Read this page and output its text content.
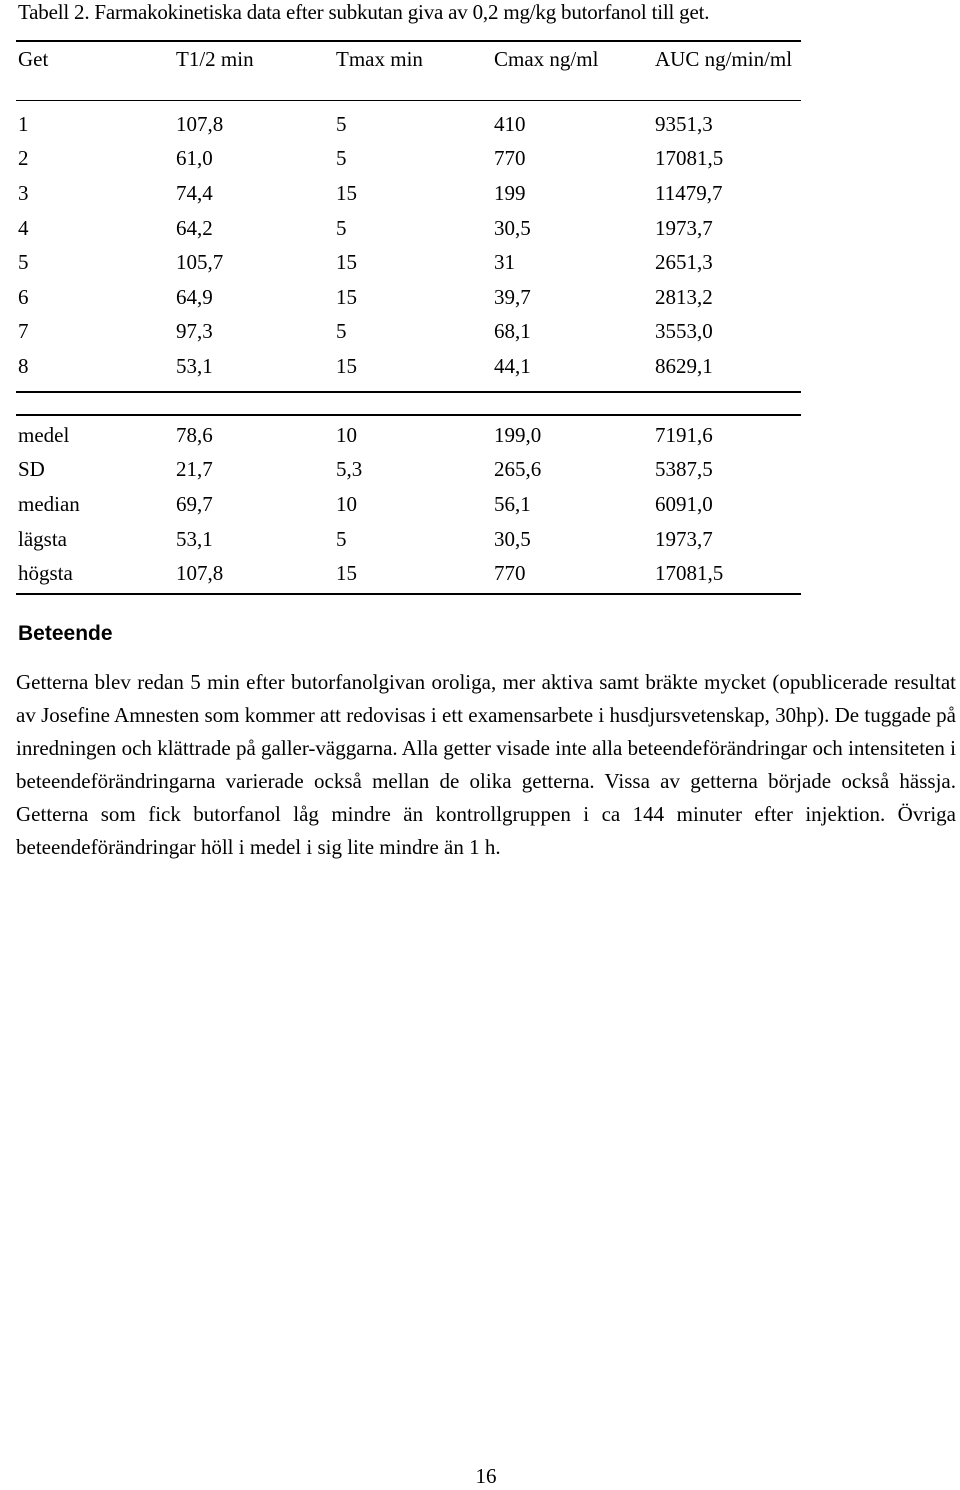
Tabell 2. Farmakokinetiska data efter subkutan giva av 0,2 mg/kg butorfanol till get.
Get	T1/2 min	Tmax min	Cmax ng/ml	AUC ng/min/ml
1	107,8	5	410	9351,3
2	61,0	5	770	17081,5
3	74,4	15	199	11479,7
4	64,2	5	30,5	1973,7
5	105,7	15	31	2651,3
6	64,9	15	39,7	2813,2
7	97,3	5	68,1	3553,0
8	53,1	15	44,1	8629,1
medel	78,6	10	199,0	7191,6
SD	21,7	5,3	265,6	5387,5
median	69,7	10	56,1	6091,0
lägsta	53,1	5	30,5	1973,7
högsta	107,8	15	770	17081,5
Beteende
Getterna blev redan 5 min efter butorfanolgivan oroliga, mer aktiva samt bräkte mycket (opublicerade resultat av Josefine Amnesten som kommer att redovisas i ett examensarbete i husdjursvetenskap, 30hp). De tuggade på inredningen och klättrade på galler-väggarna. Alla getter visade inte alla beteendeförändringar och intensiteten i beteendeförändringarna varierade också mellan de olika getterna. Vissa av getterna började också hässja. Getterna som fick butorfanol låg mindre än kontrollgruppen i ca 144 minuter efter injektion. Övriga beteendeförändringar höll i medel i sig lite mindre än 1 h.
16
